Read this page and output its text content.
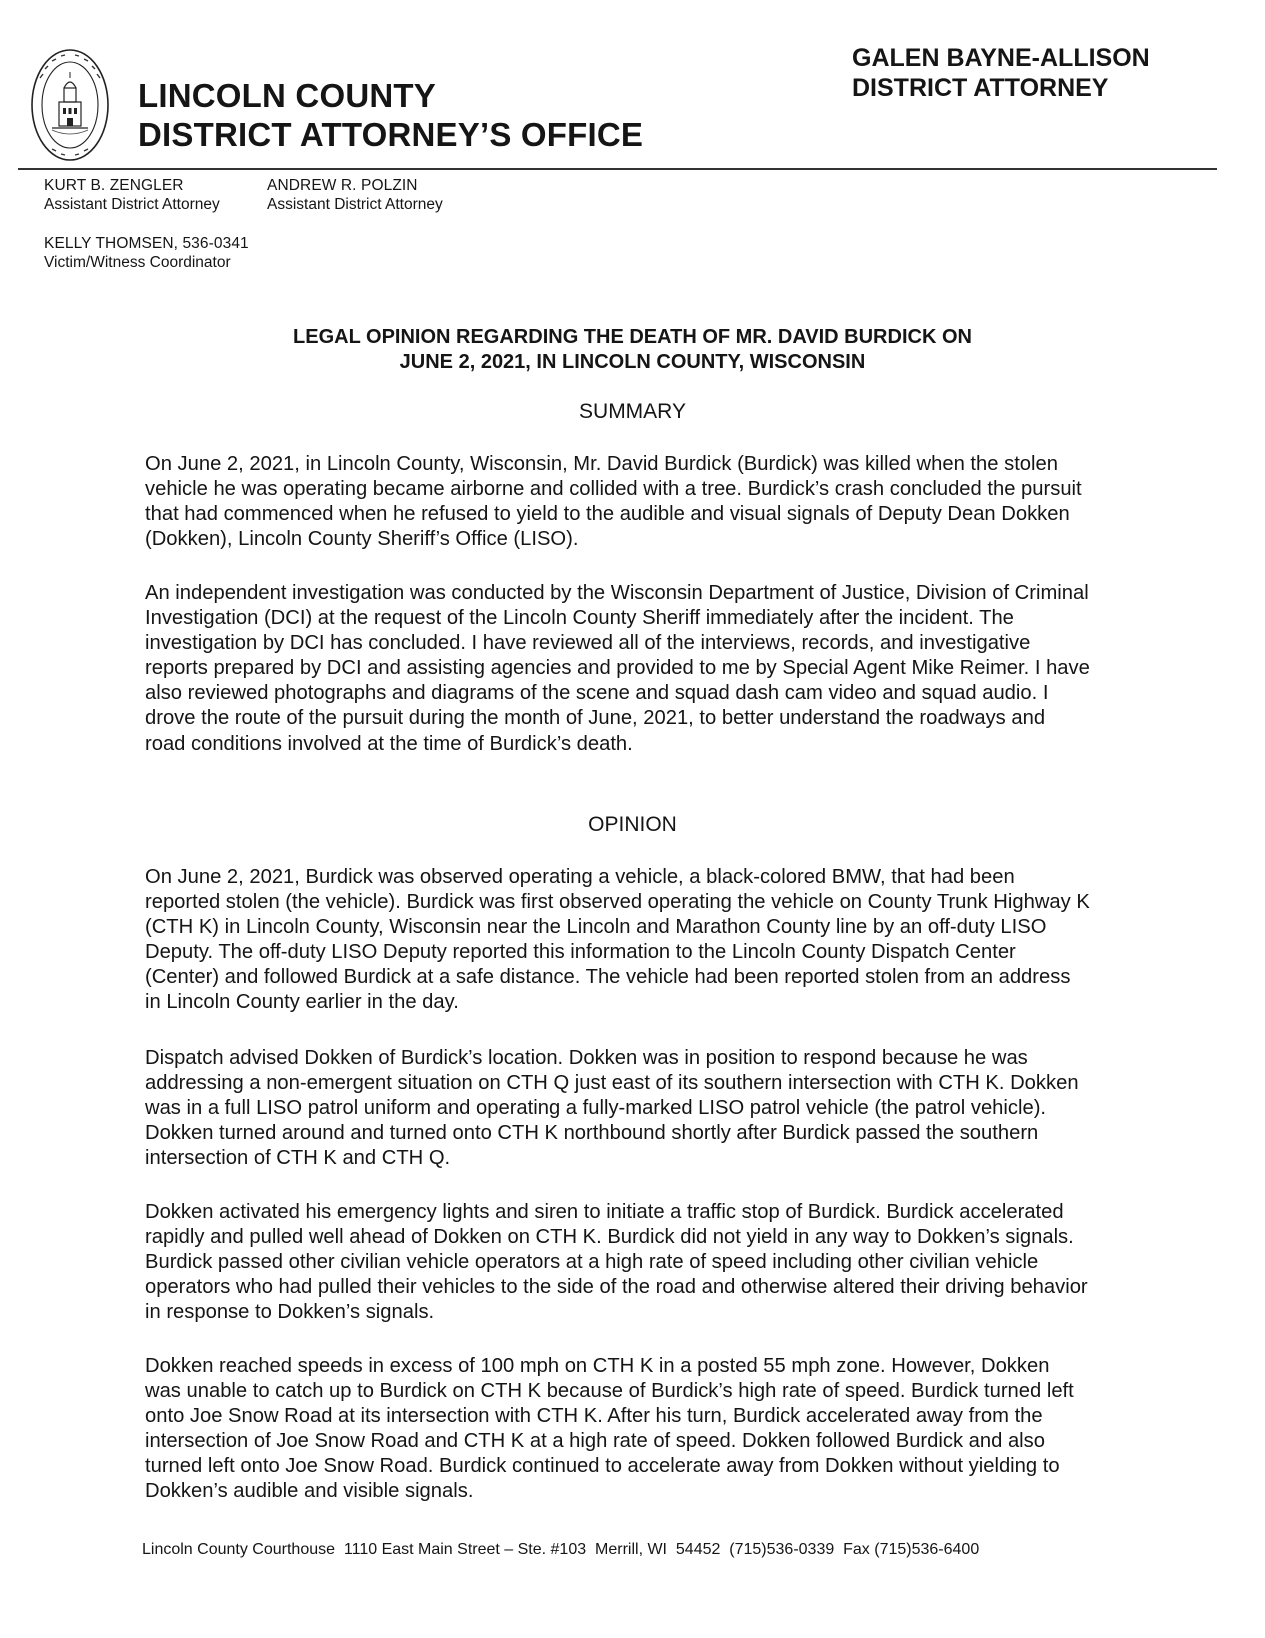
LINCOLN COUNTY
DISTRICT ATTORNEY’S OFFICE
GALEN BAYNE-ALLISON
DISTRICT ATTORNEY
KURT B. ZENGLER
Assistant District Attorney
ANDREW R. POLZIN
Assistant District Attorney
KELLY THOMSEN, 536-0341
Victim/Witness Coordinator
LEGAL OPINION REGARDING THE DEATH OF MR. DAVID BURDICK ON
JUNE 2, 2021, IN LINCOLN COUNTY, WISCONSIN
SUMMARY

On June 2, 2021, in Lincoln County, Wisconsin, Mr. David Burdick (Burdick) was killed when the stolen vehicle he was operating became airborne and collided with a tree. Burdick’s crash concluded the pursuit that had commenced when he refused to yield to the audible and visual signals of Deputy Dean Dokken (Dokken), Lincoln County Sheriff’s Office (LISO).

An independent investigation was conducted by the Wisconsin Department of Justice, Division of Criminal Investigation (DCI) at the request of the Lincoln County Sheriff immediately after the incident. The investigation by DCI has concluded. I have reviewed all of the interviews, records, and investigative reports prepared by DCI and assisting agencies and provided to me by Special Agent Mike Reimer. I have also reviewed photographs and diagrams of the scene and squad dash cam video and squad audio. I drove the route of the pursuit during the month of June, 2021, to better understand the roadways and road conditions involved at the time of Burdick’s death.

OPINION

On June 2, 2021, Burdick was observed operating a vehicle, a black-colored BMW, that had been reported stolen (the vehicle). Burdick was first observed operating the vehicle on County Trunk Highway K (CTH K) in Lincoln County, Wisconsin near the Lincoln and Marathon County line by an off-duty LISO Deputy. The off-duty LISO Deputy reported this information to the Lincoln County Dispatch Center (Center) and followed Burdick at a safe distance. The vehicle had been reported stolen from an address in Lincoln County earlier in the day.

Dispatch advised Dokken of Burdick’s location. Dokken was in position to respond because he was addressing a non-emergent situation on CTH Q just east of its southern intersection with CTH K. Dokken was in a full LISO patrol uniform and operating a fully-marked LISO patrol vehicle (the patrol vehicle). Dokken turned around and turned onto CTH K northbound shortly after Burdick passed the southern intersection of CTH K and CTH Q.

Dokken activated his emergency lights and siren to initiate a traffic stop of Burdick. Burdick accelerated rapidly and pulled well ahead of Dokken on CTH K. Burdick did not yield in any way to Dokken’s signals. Burdick passed other civilian vehicle operators at a high rate of speed including other civilian vehicle operators who had pulled their vehicles to the side of the road and otherwise altered their driving behavior in response to Dokken’s signals.

Dokken reached speeds in excess of 100 mph on CTH K in a posted 55 mph zone. However, Dokken was unable to catch up to Burdick on CTH K because of Burdick’s high rate of speed. Burdick turned left onto Joe Snow Road at its intersection with CTH K. After his turn, Burdick accelerated away from the intersection of Joe Snow Road and CTH K at a high rate of speed. Dokken followed Burdick and also turned left onto Joe Snow Road. Burdick continued to accelerate away from Dokken without yielding to Dokken’s audible and visible signals.

Lincoln County Courthouse  1110 East Main Street – Ste. #103  Merrill, WI  54452  (715)536-0339  Fax (715)536-6400
